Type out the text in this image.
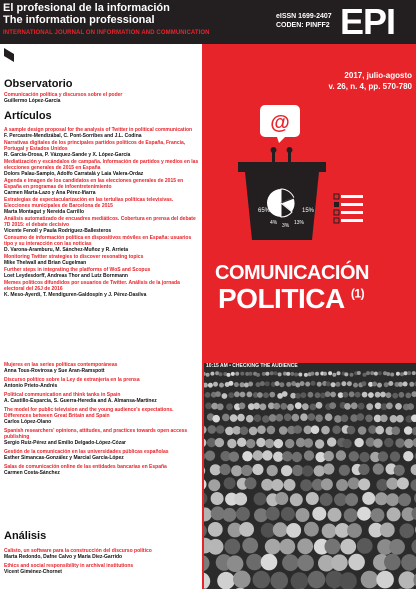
El profesional de la información
The information professional
INTERNATIONAL JOURNAL ON INFORMATION AND COMMUNICATION
eISSN 1699-2407
CODEN: PINFF2 EPI
Observatorio
Comunicación política y discursos sobre el poder
Guillermo López-García
Artículos
A sample design proposal for the analysis of Twitter in political communication
F. Percastre-Mendizábal, C. Pont-Sorribes and J.L. Codina
Narrativas digitales de los principales partidos políticos de España, Francia, Portugal y Estados Unidos
R. García-Orosa, P. Vázquez-Sande y X. López-García
Mediatización y escándalos de campaña. Información de partidos y medios en las elecciones generales de 2015 en España
Dolors Palau-Sampio, Adolfo Carratalá y Laia Valera-Ordaz
Agenda e imagen de los candidatos en las elecciones generales de 2015 en España en programas de infoentretenimiento
Carmen Marta-Lazo y Ana Pérez-Iñarra
Estrategias de espectacularización en las tertulias políticas televisivas. Elecciones municipales de Barcelona de 2015
Marta Montagut y Nereida Carrillo
Análisis automatizado de encuadres mediáticos. Cobertura en prensa del debate 7D 2015: el debate decisivo
Vicente Fenoll y Paula Rodríguez-Ballesteros
Consumo de información política en dispositivos móviles en España: usuarios tipo y su interacción con las noticias
D. Varona-Aramburu, M. Sánchez-Muñoz y R. Arrieta
Monitoring Twitter strategies to discover resonating topics
Mike Thelwall and Brian Cugelman
Further steps in integrating the platforms of WoS and Scopus
Loet Leydesdorff, Andreas Thor and Lutz Bornmann
Memes políticos difundidos por usuarios de Twitter. Análisis de la jornada electoral del 26J de 2016
K. Meso-Ayerdi, T. Mendiguren-Galdospín y J. Pérez-Dasilva
Análisis
2017, julio-agosto
v. 26, n. 4, pp. 570-780
@
65%	15%
4% 3% 13%
COMUNICACIÓN
POLITICA $^{(1)}$
10:15 AM • CHECKING THE AUDIENCE
Mujeres en las series políticas contemporáneas
Anna Tous-Rovirosa y Sue Aran-Ramspott
Discurso político sobre la Ley de extranjería en la prensa
Antonio Prieto-Andrés
Political communication and think tanks in Spain
A. Castillo-Esparcia, S. Guerra-Heredia and A. Almansa-Martínez
The model for public television and the young audience's expectations. Differences between Great Britain and Spain
Carlos López-Olano
Spanish researchers' opinions, attitudes, and practices towards open access publishing
Sergio Ruiz-Pérez and Emilio Delgado-López-Cózar
Gestión de la comunicación en las universidades públicas españolas
Esther Simancas-González y Marcial García-López
Salas de comunicación online de las entidades bancarias en España
Carmen Costa-Sánchez
Calisto, un software para la construcción del discurso político
Marta Redondo, Dafne Calvo y María Díez-Garrido
Ethics and social responsibility in archival institutions
Vicent Giménez-Chornet
